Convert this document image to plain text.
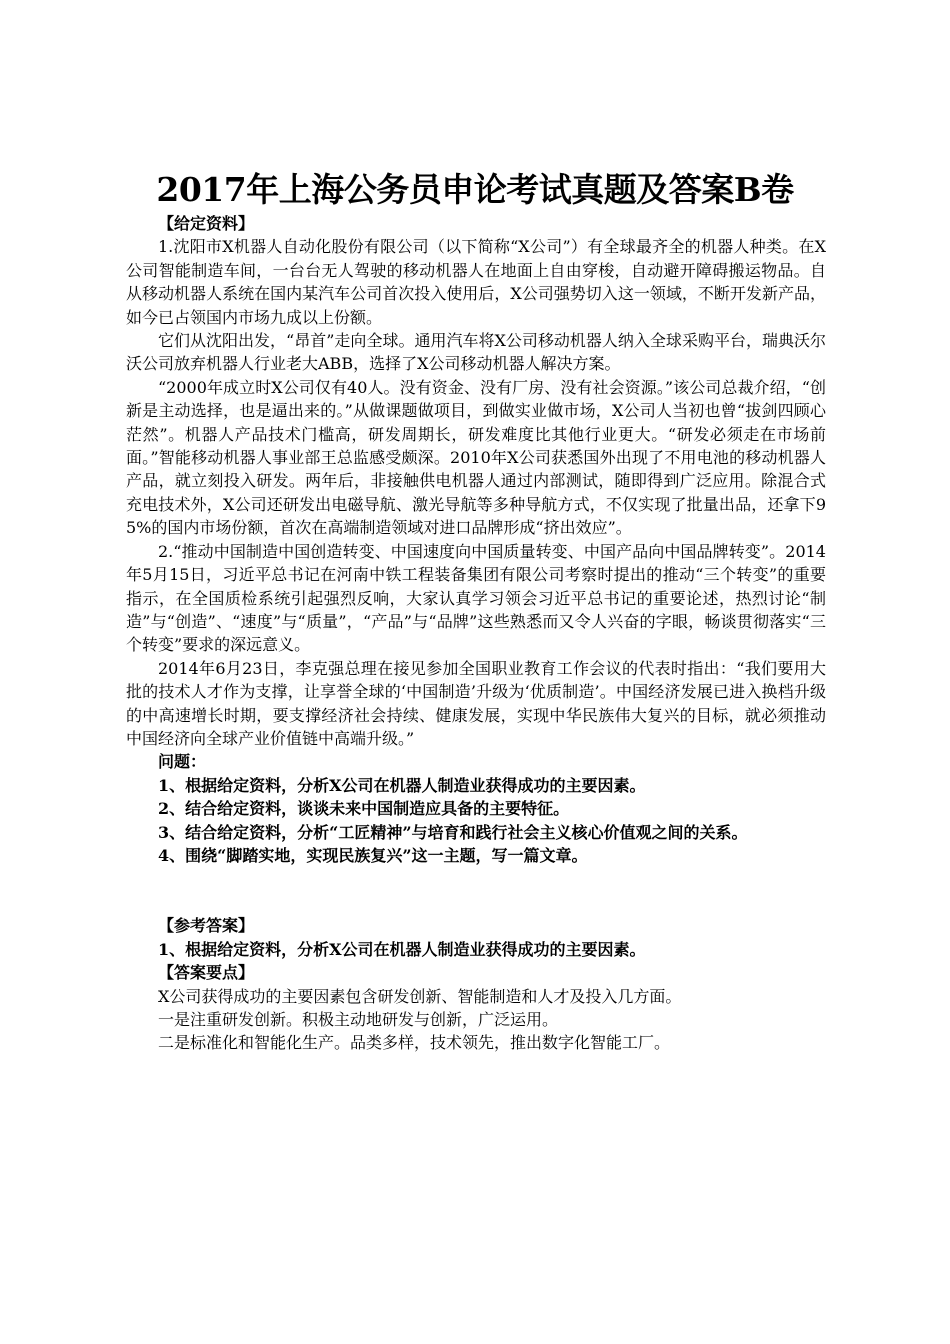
2017年上海公务员申论考试真题及答案B卷

【给定资料】

1.沈阳市X机器人自动化股份有限公司（以下简称“X公司”）有全球最齐全的机器人种类。在X公司智能制造车间，一台台无人驾驶的移动机器人在地面上自由穿梭，自动避开障碍搬运物品。自从移动机器人系统在国内某汽车公司首次投入使用后，X公司强势切入这一领域，不断开发新产品，如今已占领国内市场九成以上份额。

它们从沈阳出发，“昂首”走向全球。通用汽车将X公司移动机器人纳入全球采购平台，瑞典沃尔沃公司放弃机器人行业老大ABB，选择了X公司移动机器人解决方案。

“2000年成立时X公司仅有40人。没有资金、没有厂房、没有社会资源。”该公司总裁介绍，“创新是主动选择，也是逼出来的。”从做课题做项目，到做实业做市场，X公司人当初也曾“拔剑四顾心茫然”。机器人产品技术门槛高，研发周期长，研发难度比其他行业更大。“研发必须走在市场前面。”智能移动机器人事业部王总监感受颇深。2010年X公司获悉国外出现了不用电池的移动机器人产品，就立刻投入研发。两年后，非接触供电机器人通过内部测试，随即得到广泛应用。除混合式充电技术外，X公司还研发出电磁导航、激光导航等多种导航方式，不仅实现了批量出品，还拿下95%的国内市场份额，首次在高端制造领域对进口品牌形成“挤出效应”。

2.“推动中国制造中国创造转变、中国速度向中国质量转变、中国产品向中国品牌转变”。2014年5月15日，习近平总书记在河南中铁工程装备集团有限公司考察时提出的推动“三个转变”的重要指示，在全国质检系统引起强烈反响，大家认真学习领会习近平总书记的重要论述，热烈讨论“制造”与“创造”、“速度”与“质量”，“产品”与“品牌”这些熟悉而又令人兴奋的字眼，畅谈贯彻落实“三个转变”要求的深远意义。

2014年6月23日，李克强总理在接见参加全国职业教育工作会议的代表时指出：“我们要用大批的技术人才作为支撑，让享誉全球的‘中国制造’升级为‘优质制造’。中国经济发展已进入换档升级的中高速增长时期，要支撑经济社会持续、健康发展，实现中华民族伟大复兴的目标，就必须推动中国经济向全球产业价值链中高端升级。”

问题：

1、根据给定资料，分析X公司在机器人制造业获得成功的主要因素。

2、结合给定资料，谈谈未来中国制造应具备的主要特征。

3、结合给定资料，分析“工匠精神”与培育和践行社会主义核心价值观之间的关系。

4、围绕“脚踏实地，实现民族复兴”这一主题，写一篇文章。

【参考答案】

1、根据给定资料，分析X公司在机器人制造业获得成功的主要因素。

【答案要点】

X公司获得成功的主要因素包含研发创新、智能制造和人才及投入几方面。

一是注重研发创新。积极主动地研发与创新，广泛运用。

二是标准化和智能化生产。品类多样，技术领先，推出数字化智能工厂。
